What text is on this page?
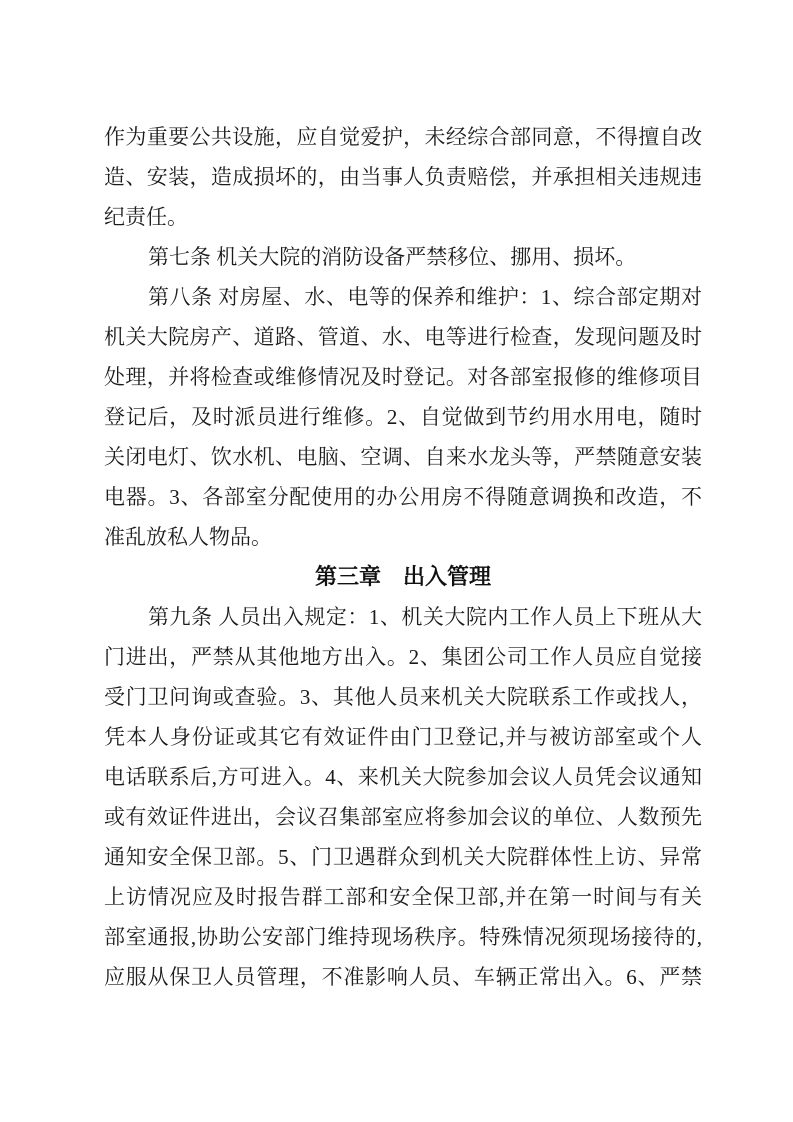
作为重要公共设施，应自觉爱护，未经综合部同意，不得擅自改
造、安装，造成损坏的，由当事人负责赔偿，并承担相关违规违
纪责任。
第七条 机关大院的消防设备严禁移位、挪用、损坏。
第八条 对房屋、水、电等的保养和维护：1、综合部定期对
机关大院房产、道路、管道、水、电等进行检查，发现问题及时
处理，并将检查或维修情况及时登记。对各部室报修的维修项目
登记后，及时派员进行维修。2、自觉做到节约用水用电，随时
关闭电灯、饮水机、电脑、空调、自来水龙头等，严禁随意安装
电器。3、各部室分配使用的办公用房不得随意调换和改造，不
准乱放私人物品。
第三章　出入管理
第九条 人员出入规定：1、机关大院内工作人员上下班从大
门进出，严禁从其他地方出入。2、集团公司工作人员应自觉接
受门卫问询或查验。3、其他人员来机关大院联系工作或找人，
凭本人身份证或其它有效证件由门卫登记,并与被访部室或个人
电话联系后,方可进入。4、来机关大院参加会议人员凭会议通知
或有效证件进出，会议召集部室应将参加会议的单位、人数预先
通知安全保卫部。5、门卫遇群众到机关大院群体性上访、异常
上访情况应及时报告群工部和安全保卫部,并在第一时间与有关
部室通报,协助公安部门维持现场秩序。特殊情况须现场接待的,
应服从保卫人员管理，不准影响人员、车辆正常出入。6、严禁
